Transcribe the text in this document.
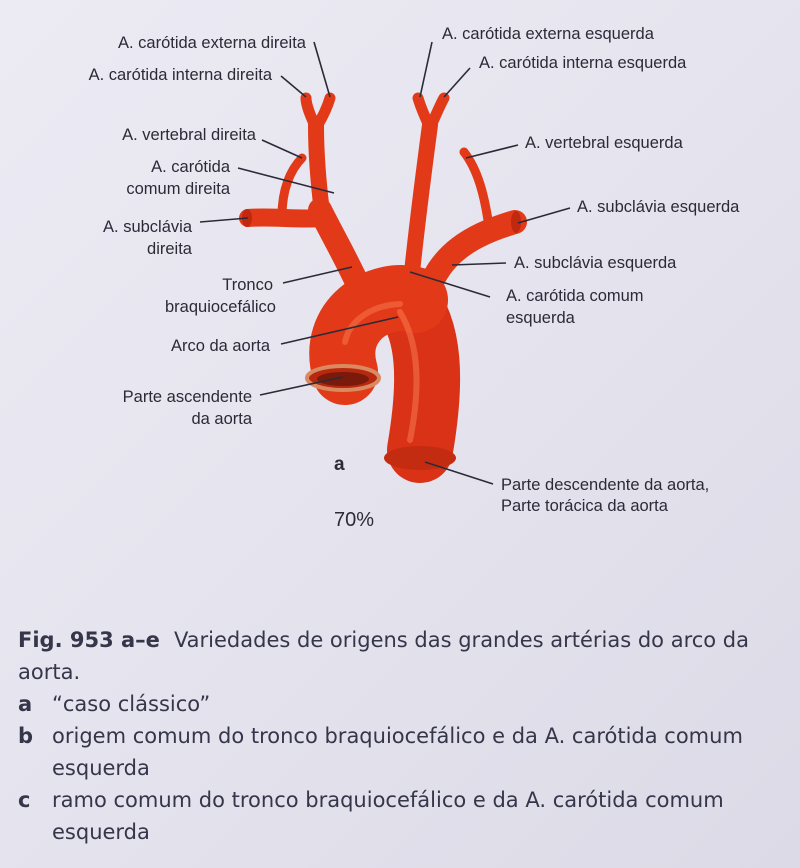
A. carótida externa direita
A. carótida interna direita
A. vertebral direita
A. carótida
comum direita
A. subclávia
direita
Tronco
braquiocefálico
Arco da aorta
Parte ascendente
da aorta
A. carótida externa esquerda
A. carótida interna esquerda
A. vertebral esquerda
A. subclávia esquerda
A. subclávia esquerda
A. carótida comum
esquerda
Parte descendente da aorta,
Parte torácica da aorta
a
70%

Fig. 953 a–e Variedades de origens das grandes artérias do arco da aorta.

a “caso clássico”
b origem comum do tronco braquiocefálico e da A. carótida comum esquerda
c	ramo comum do tronco braquiocefálico e da A. carótida comum esquerda
